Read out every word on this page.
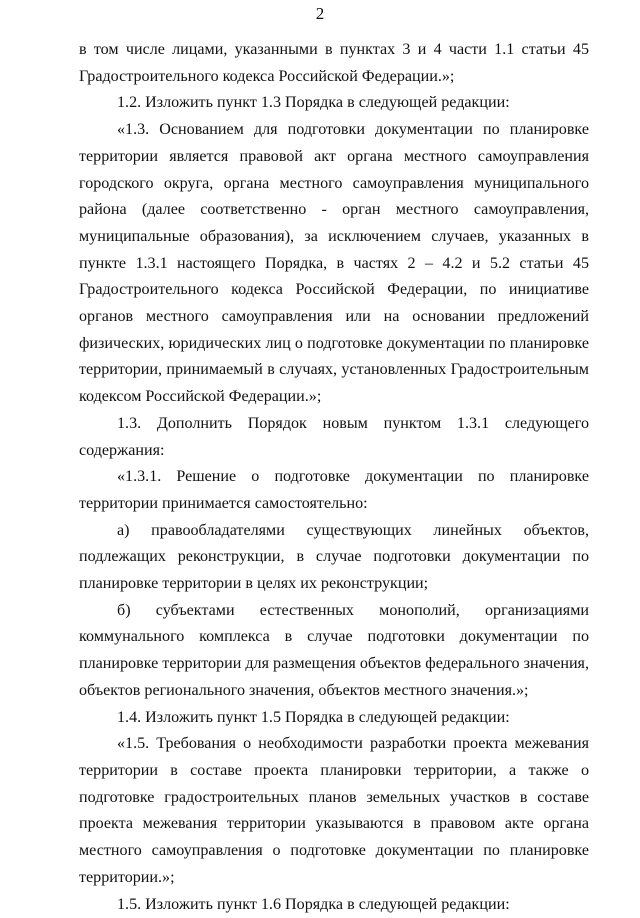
2

в том числе лицами, указанными в пунктах 3 и 4 части 1.1 статьи 45 Градостроительного кодекса Российской Федерации.»;

1.2. Изложить пункт 1.3 Порядка в следующей редакции:

«1.3. Основанием для подготовки документации по планировке территории является правовой акт органа местного самоуправления городского округа, органа местного самоуправления муниципального района (далее соответственно - орган местного самоуправления, муниципальные образования), за исключением случаев, указанных в пункте 1.3.1 настоящего Порядка, в частях 2 – 4.2 и 5.2 статьи 45 Градостроительного кодекса Российской Федерации, по инициативе органов местного самоуправления или на основании предложений физических, юридических лиц о подготовке документации по планировке территории, принимаемый в случаях, установленных Градостроительным кодексом Российской Федерации.»;

1.3. Дополнить Порядок новым пунктом 1.3.1 следующего содержания:

«1.3.1. Решение о подготовке документации по планировке территории принимается самостоятельно:

а) правообладателями существующих линейных объектов, подлежащих реконструкции, в случае подготовки документации по планировке территории в целях их реконструкции;

б) субъектами естественных монополий, организациями коммунального комплекса в случае подготовки документации по планировке территории для размещения объектов федерального значения, объектов регионального значения, объектов местного значения.»;

1.4. Изложить пункт 1.5 Порядка в следующей редакции:

«1.5. Требования о необходимости разработки проекта межевания территории в составе проекта планировки территории, а также о подготовке градостроительных планов земельных участков в составе проекта межевания территории указываются в правовом акте органа местного самоуправления о подготовке документации по планировке территории.»;

1.5. Изложить пункт 1.6 Порядка в следующей редакции:
